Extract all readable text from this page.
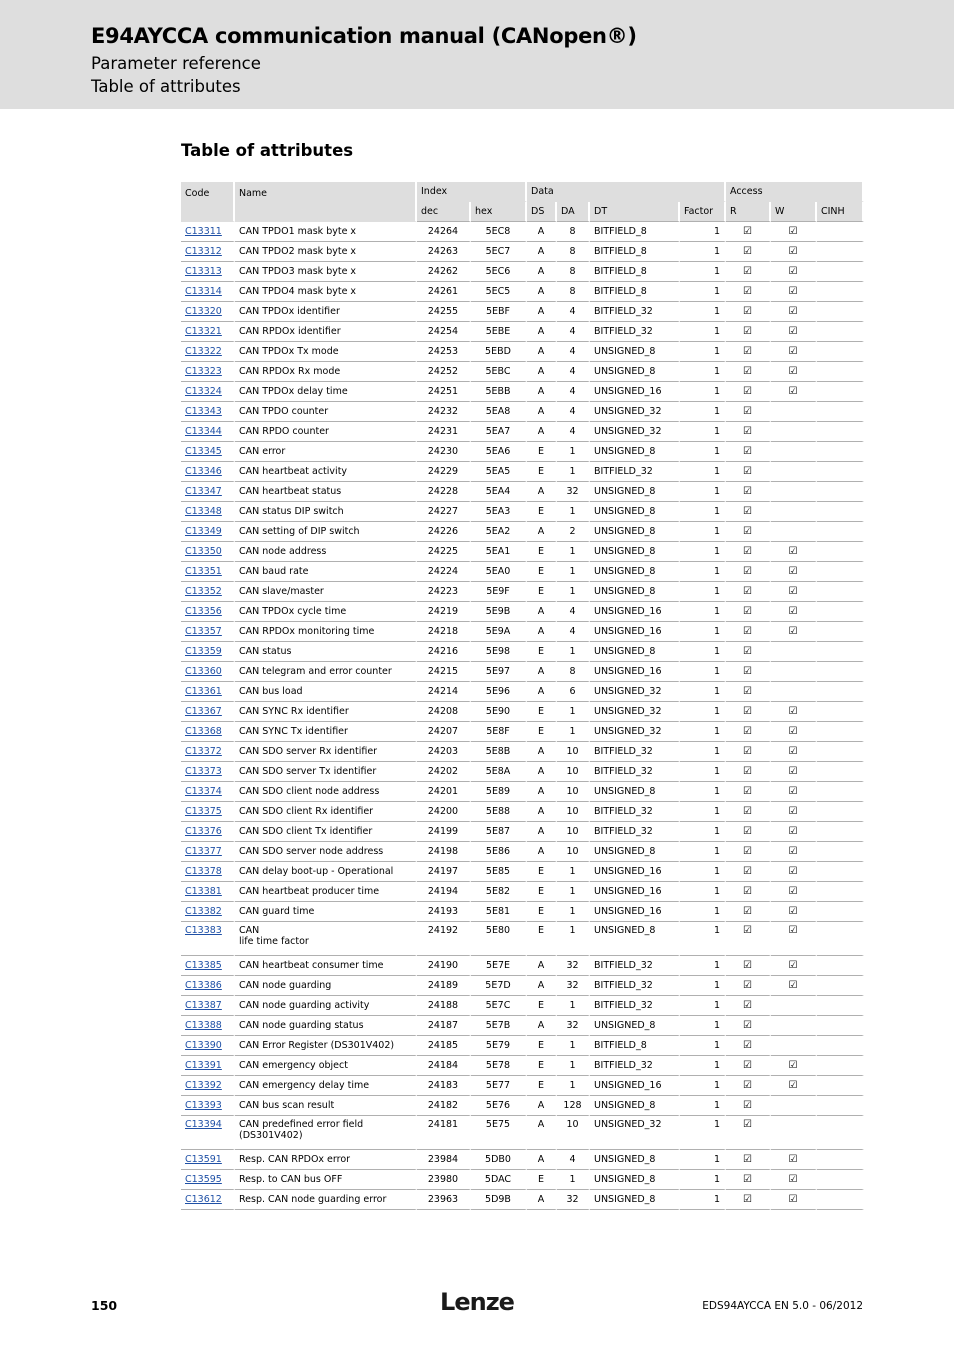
E94AYCCA communication manual (CANopen®)
Parameter reference
Table of attributes
Table of attributes
Code	Name	Index		Data				Access		
		dec	hex	DS	DA	DT	Factor	R	W	CINH
C13311	CAN TPDO1 mask byte x	24264	5EC8	A	8	BITFIELD_8	1	☑	☑	
C13312	CAN TPDO2 mask byte x	24263	5EC7	A	8	BITFIELD_8	1	☑	☑	
C13313	CAN TPDO3 mask byte x	24262	5EC6	A	8	BITFIELD_8	1	☑	☑	
C13314	CAN TPDO4 mask byte x	24261	5EC5	A	8	BITFIELD_8	1	☑	☑	
C13320	CAN TPDOx identifier	24255	5EBF	A	4	BITFIELD_32	1	☑	☑	
C13321	CAN RPDOx identifier	24254	5EBE	A	4	BITFIELD_32	1	☑	☑	
C13322	CAN TPDOx Tx mode	24253	5EBD	A	4	UNSIGNED_8	1	☑	☑	
C13323	CAN RPDOx Rx mode	24252	5EBC	A	4	UNSIGNED_8	1	☑	☑	
C13324	CAN TPDOx delay time	24251	5EBB	A	4	UNSIGNED_16	1	☑	☑	
C13343	CAN TPDO counter	24232	5EA8	A	4	UNSIGNED_32	1	☑		
C13344	CAN RPDO counter	24231	5EA7	A	4	UNSIGNED_32	1	☑		
C13345	CAN error	24230	5EA6	E	1	UNSIGNED_8	1	☑		
C13346	CAN heartbeat activity	24229	5EA5	E	1	BITFIELD_32	1	☑		
C13347	CAN heartbeat status	24228	5EA4	A	32	UNSIGNED_8	1	☑		
C13348	CAN status DIP switch	24227	5EA3	E	1	UNSIGNED_8	1	☑		
C13349	CAN setting of DIP switch	24226	5EA2	A	2	UNSIGNED_8	1	☑		
C13350	CAN node address	24225	5EA1	E	1	UNSIGNED_8	1	☑	☑	
C13351	CAN baud rate	24224	5EA0	E	1	UNSIGNED_8	1	☑	☑	
C13352	CAN slave/master	24223	5E9F	E	1	UNSIGNED_8	1	☑	☑	
C13356	CAN TPDOx cycle time	24219	5E9B	A	4	UNSIGNED_16	1	☑	☑	
C13357	CAN RPDOx monitoring time	24218	5E9A	A	4	UNSIGNED_16	1	☑	☑	
C13359	CAN status	24216	5E98	E	1	UNSIGNED_8	1	☑		
C13360	CAN telegram and error counter	24215	5E97	A	8	UNSIGNED_16	1	☑		
C13361	CAN bus load	24214	5E96	A	6	UNSIGNED_32	1	☑		
C13367	CAN SYNC Rx identifier	24208	5E90	E	1	UNSIGNED_32	1	☑	☑	
C13368	CAN SYNC Tx identifier	24207	5E8F	E	1	UNSIGNED_32	1	☑	☑	
C13372	CAN SDO server Rx identifier	24203	5E8B	A	10	BITFIELD_32	1	☑	☑	
C13373	CAN SDO server Tx identifier	24202	5E8A	A	10	BITFIELD_32	1	☑	☑	
C13374	CAN SDO client node address	24201	5E89	A	10	UNSIGNED_8	1	☑	☑	
C13375	CAN SDO client Rx identifier	24200	5E88	A	10	BITFIELD_32	1	☑	☑	
C13376	CAN SDO client Tx identifier	24199	5E87	A	10	BITFIELD_32	1	☑	☑	
C13377	CAN SDO server node address	24198	5E86	A	10	UNSIGNED_8	1	☑	☑	
C13378	CAN delay boot-up - Operational	24197	5E85	E	1	UNSIGNED_16	1	☑	☑	
C13381	CAN heartbeat producer time	24194	5E82	E	1	UNSIGNED_16	1	☑	☑	
C13382	CAN guard time	24193	5E81	E	1	UNSIGNED_16	1	☑	☑	
C13383	CAN
life time factor	24192	5E80	E	1	UNSIGNED_8	1	☑	☑	
C13385	CAN heartbeat consumer time	24190	5E7E	A	32	BITFIELD_32	1	☑	☑	
C13386	CAN node guarding	24189	5E7D	A	32	BITFIELD_32	1	☑	☑	
C13387	CAN node guarding activity	24188	5E7C	E	1	BITFIELD_32	1	☑		
C13388	CAN node guarding status	24187	5E7B	A	32	UNSIGNED_8	1	☑		
C13390	CAN Error Register (DS301V402)	24185	5E79	E	1	BITFIELD_8	1	☑		
C13391	CAN emergency object	24184	5E78	E	1	BITFIELD_32	1	☑	☑	
C13392	CAN emergency delay time	24183	5E77	E	1	UNSIGNED_16	1	☑	☑	
C13393	CAN bus scan result	24182	5E76	A	128	UNSIGNED_8	1	☑		
C13394	CAN predefined error field
(DS301V402)	24181	5E75	A	10	UNSIGNED_32	1	☑		
C13591	Resp. CAN RPDOx error	23984	5DB0	A	4	UNSIGNED_8	1	☑	☑	
C13595	Resp. to CAN bus OFF	23980	5DAC	E	1	UNSIGNED_8	1	☑	☑	
C13612	Resp. CAN node guarding error	23963	5D9B	A	32	UNSIGNED_8	1	☑	☑	
150	Lenze	EDS94AYCCA EN 5.0 - 06/2012
